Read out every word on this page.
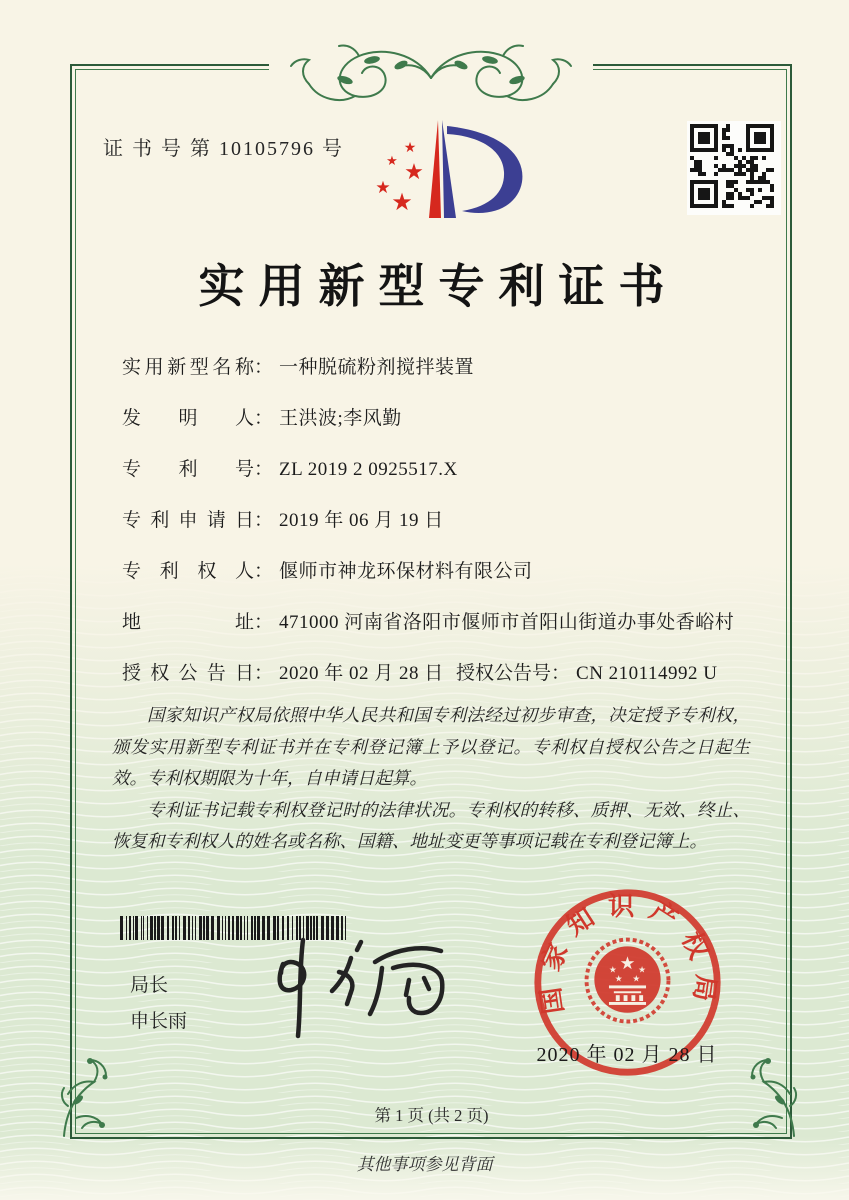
证 书 号 第 10105796 号	★
★ ★
★ ★
实用新型专利证书
实用新型名称： 一种脱硫粉剂搅拌装置
发明人： 王洪波;李风勤
专利号： ZL 2019 2 0925517.X
专利申请日： 2019 年 06 月 19 日
专利权人： 偃师市神龙环保材料有限公司
地址： 471000 河南省洛阳市偃师市首阳山街道办事处香峪村
授权公告日： 2020 年 02 月 28 日 授权公告号： CN 210114992 U

国家知识产权局依照中华人民共和国专利法经过初步审查，决定授予专利权，颁发实用新型专利证书并在专利登记簿上予以登记。专利权自授权公告之日起生效。专利权期限为十年，自申请日起算。

专利证书记载专利权登记时的法律状况。专利权的转移、质押、无效、终止、恢复和专利权人的姓名或名称、国籍、地址变更等事项记载在专利登记簿上。

局长
申长雨
国家知识产权局
★
★ ★
★ ★
2020 年 02 月 28 日
第 1 页 (共 2 页)
其他事项参见背面
